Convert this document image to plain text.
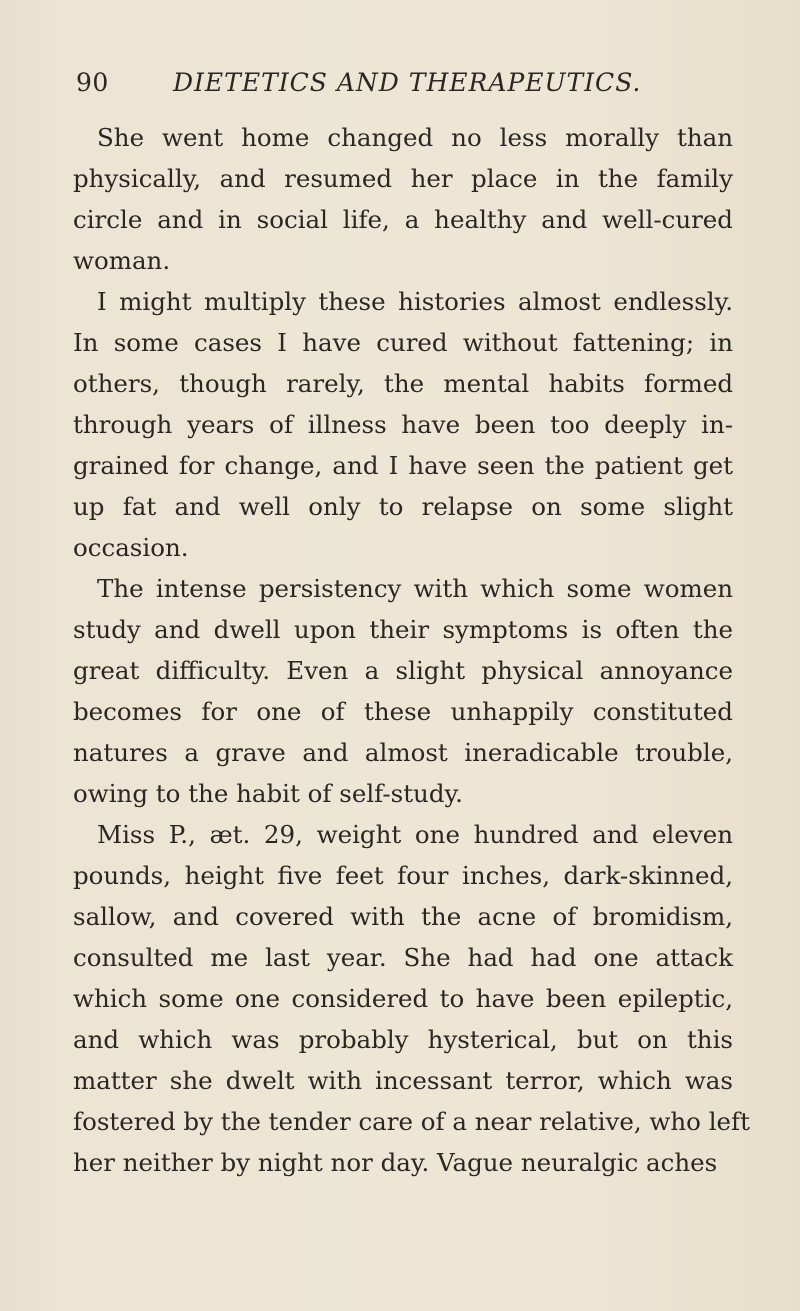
90	DIETETICS AND THERAPEUTICS.
She went home changed no less morally than
physically, and resumed her place in the family
circle and in social life, a healthy and well-cured
woman.
I might multiply these histories almost endlessly.
In some cases I have cured without fattening; in
others, though rarely, the mental habits formed
through years of illness have been too deeply in-
grained for change, and I have seen the patient get
up fat and well only to relapse on some slight
occasion.
The intense persistency with which some women
study and dwell upon their symptoms is often the
great difficulty. Even a slight physical annoyance
becomes for one of these unhappily constituted
natures a grave and almost ineradicable trouble,
owing to the habit of self-study.
Miss P., æt. 29, weight one hundred and eleven
pounds, height five feet four inches, dark-skinned,
sallow, and covered with the acne of bromidism,
consulted me last year. She had had one attack
which some one considered to have been epileptic,
and which was probably hysterical, but on this
matter she dwelt with incessant terror, which was
fostered by the tender care of a near relative, who left
her neither by night nor day. Vague neuralgic aches
